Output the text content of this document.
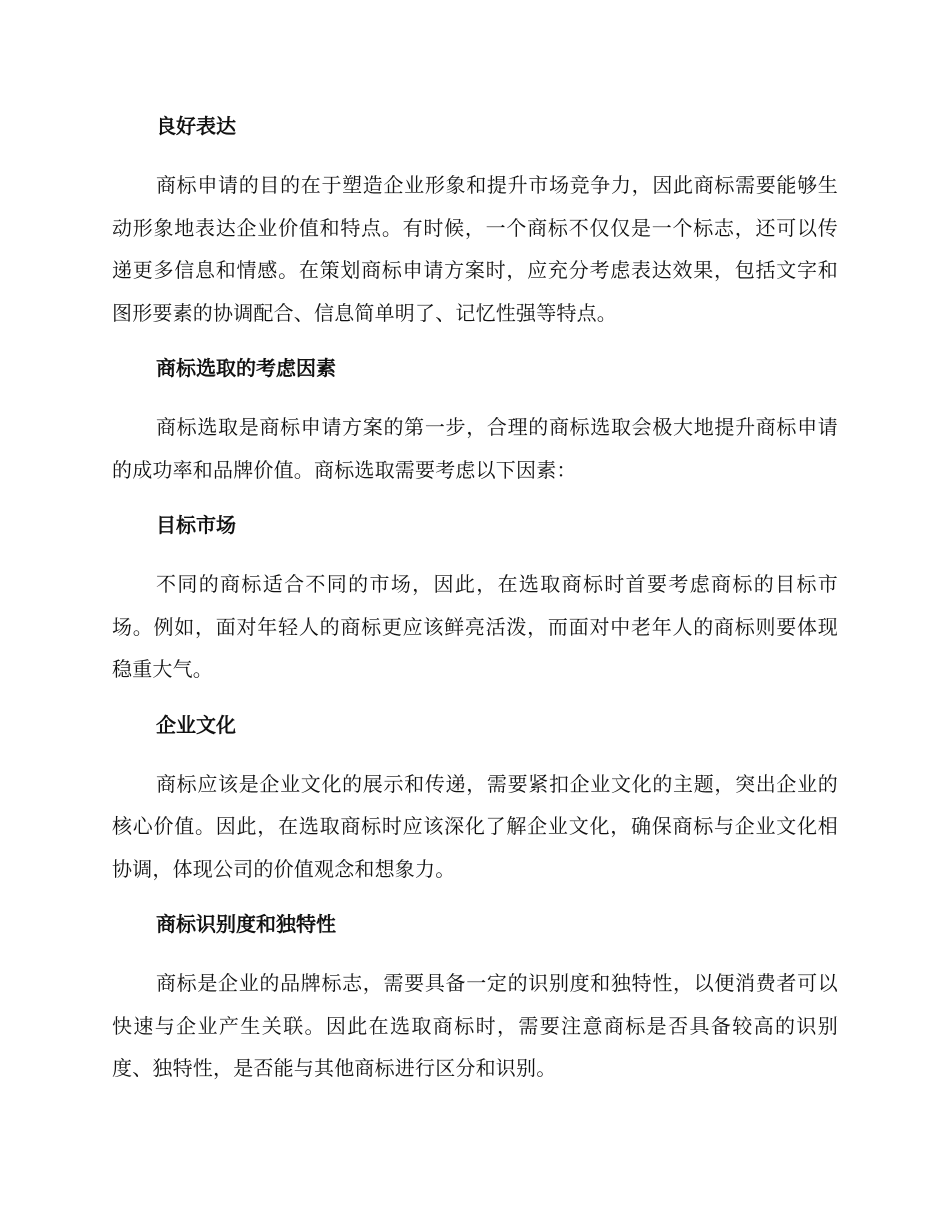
良好表达

商标申请的目的在于塑造企业形象和提升市场竞争力，因此商标需要能够生动形象地表达企业价值和特点。有时候，一个商标不仅仅是一个标志，还可以传递更多信息和情感。在策划商标申请方案时，应充分考虑表达效果，包括文字和图形要素的协调配合、信息简单明了、记忆性强等特点。

商标选取的考虑因素

商标选取是商标申请方案的第一步，合理的商标选取会极大地提升商标申请的成功率和品牌价值。商标选取需要考虑以下因素：

目标市场

不同的商标适合不同的市场，因此，在选取商标时首要考虑商标的目标市场。例如，面对年轻人的商标更应该鲜亮活泼，而面对中老年人的商标则要体现稳重大气。

企业文化

商标应该是企业文化的展示和传递，需要紧扣企业文化的主题，突出企业的核心价值。因此，在选取商标时应该深化了解企业文化，确保商标与企业文化相协调，体现公司的价值观念和想象力。

商标识别度和独特性

商标是企业的品牌标志，需要具备一定的识别度和独特性，以便消费者可以快速与企业产生关联。因此在选取商标时，需要注意商标是否具备较高的识别度、独特性，是否能与其他商标进行区分和识别。
